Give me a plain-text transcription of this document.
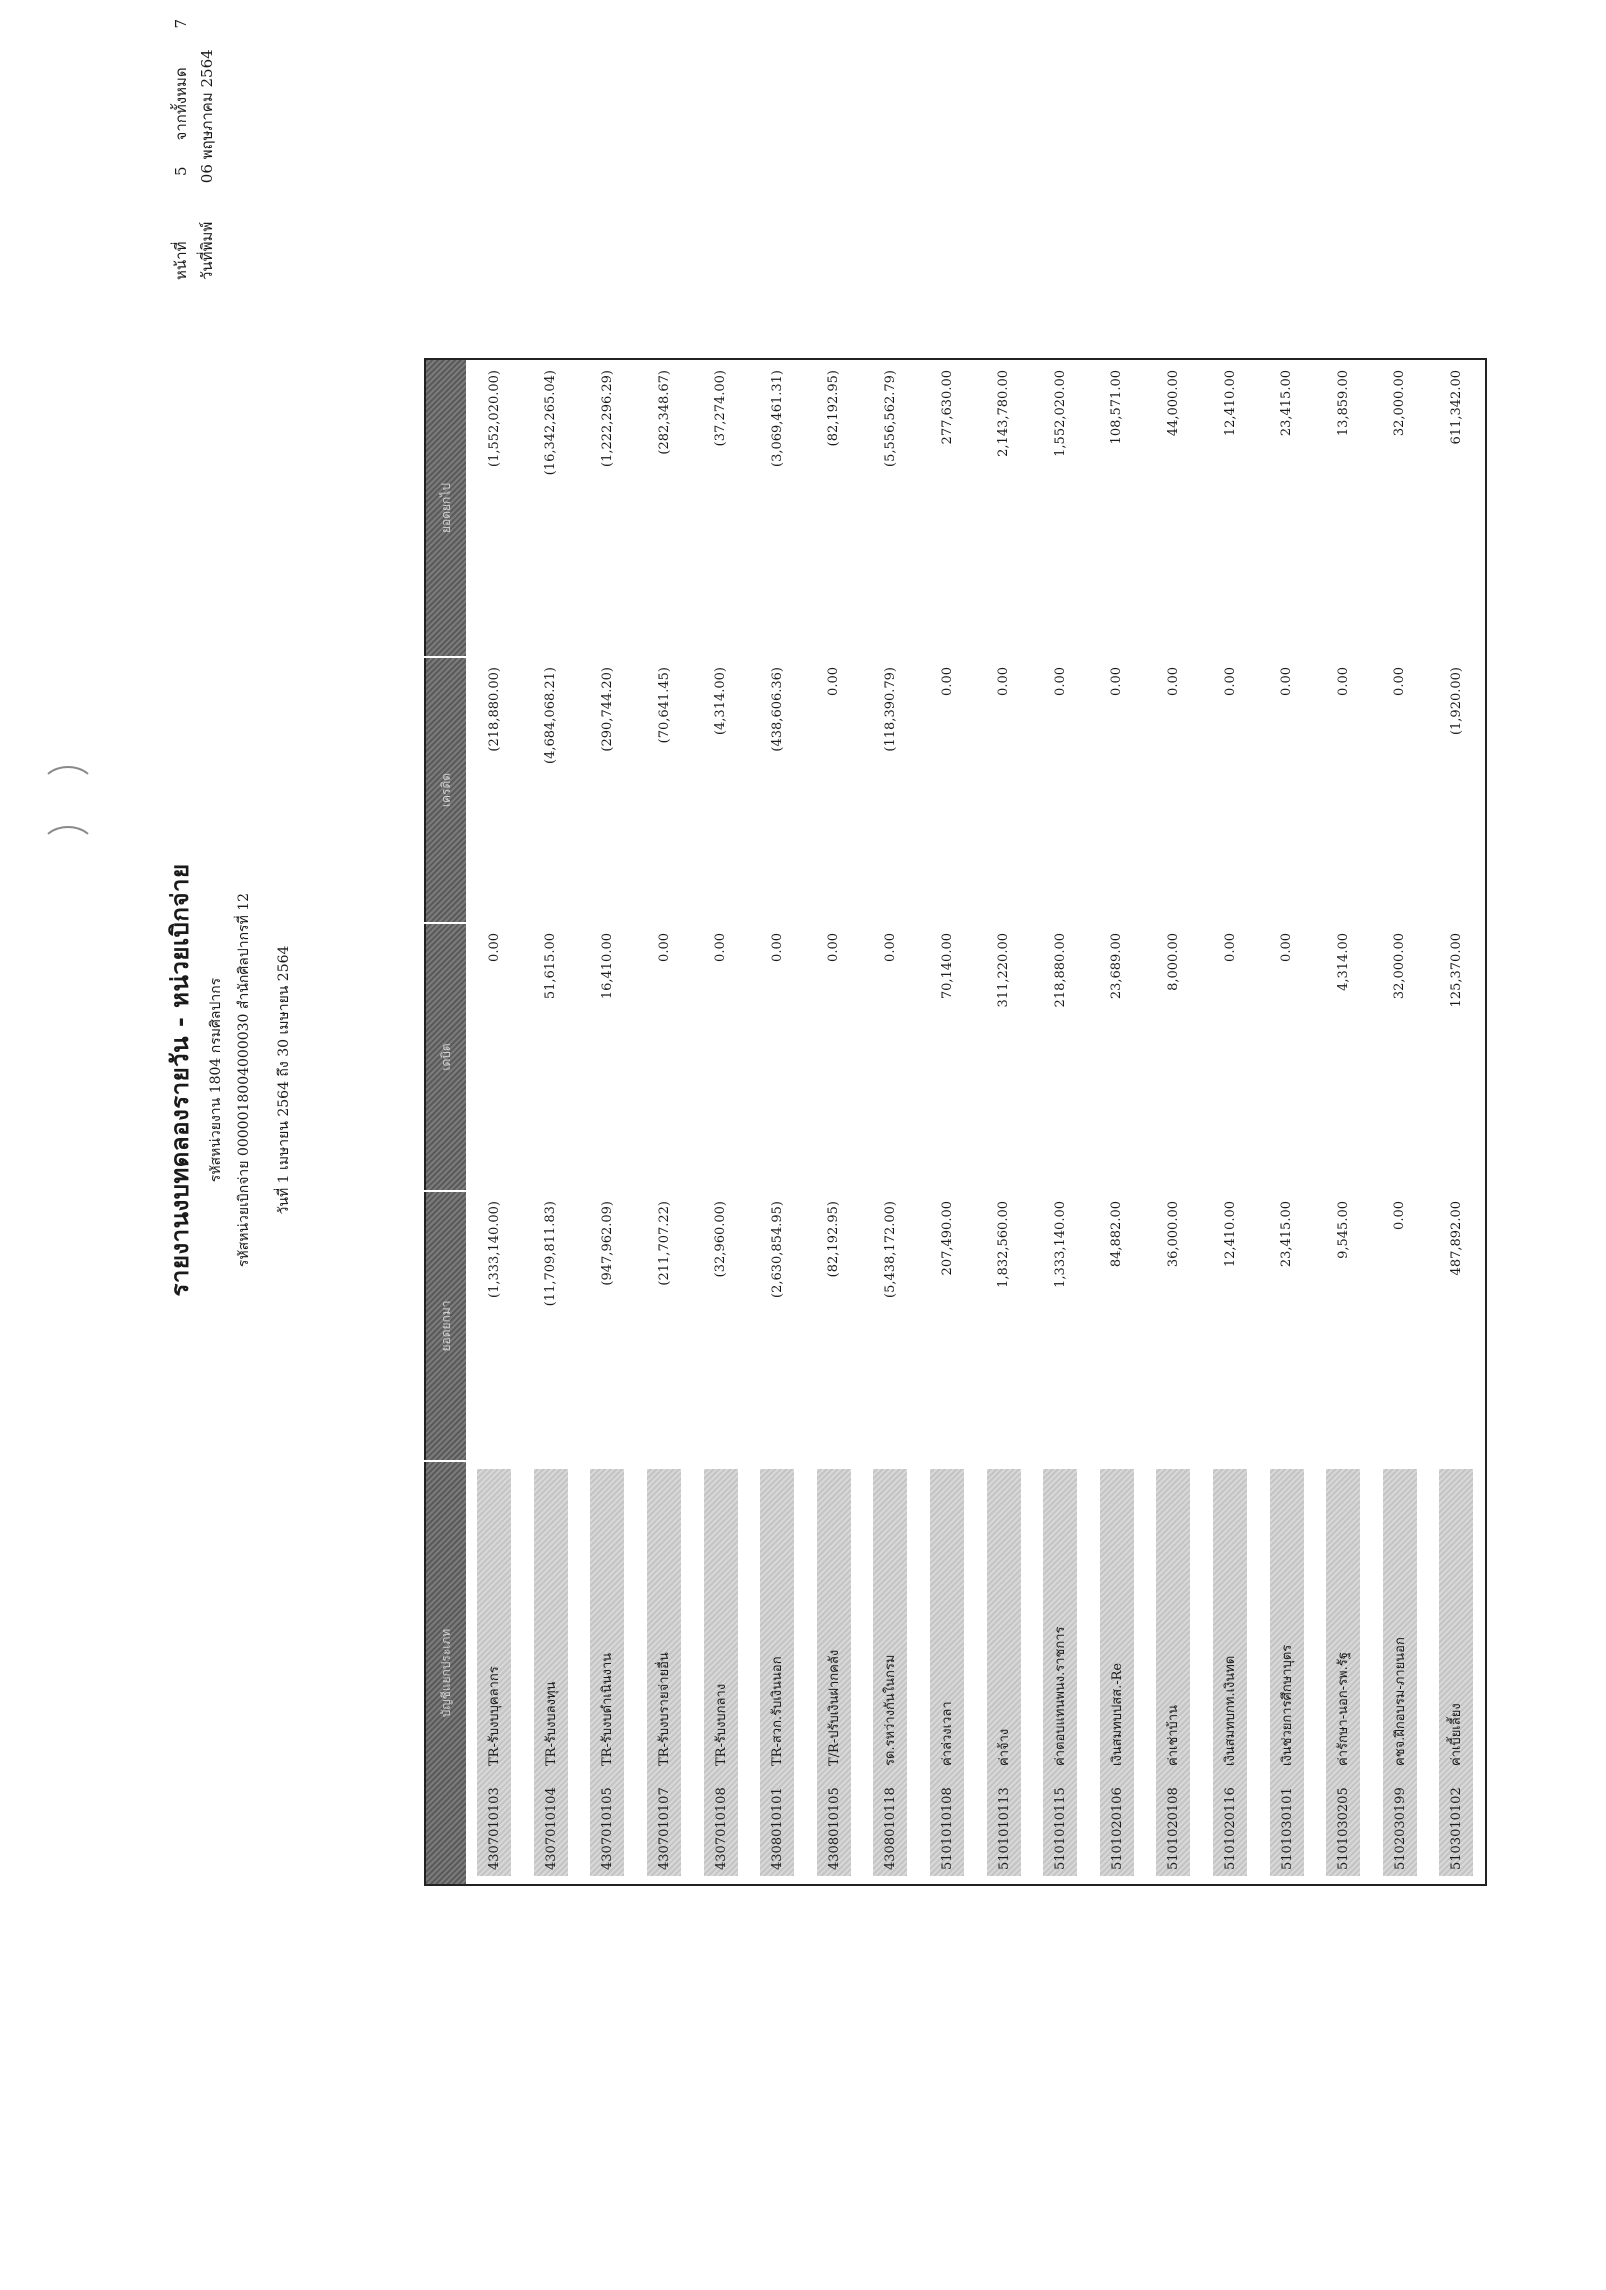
รายงานงบทดลองรายวัน - หน่วยเบิกจ่าย	รหัสหน่วยงาน 1804 กรมศิลปากร รหัสหน่วยเบิกจ่าย 0000018004000030 สำนักศิลปากรที่ 12 วันที่ 1 เมษายน 2564 ถึง 30 เมษายน 2564
หน้าที่ 5 จากทั้งหมด 7
วันที่พิมพ์ 06 พฤษภาคม 2564
บัญชีแยกประเภท	ยอดยกมา	เดบิต	เครดิต	ยอดยกไป

4307010103TR-รับงบบุคลากร	(1,333,140.00)	0.00	(218,880.00)	(1,552,020.00)

4307010104TR-รับงบลงทุน	(11,709,811.83)	51,615.00	(4,684,068.21)	(16,342,265.04)

4307010105TR-รับงบดำเนินงาน	(947,962.09)	16,410.00	(290,744.20)	(1,222,296.29)

4307010107TR-รับงบรายจ่ายอื่น	(211,707.22)	0.00	(70,641.45)	(282,348.67)

4307010108TR-รับงบกลาง	(32,960.00)	0.00	(4,314.00)	(37,274.00)

4308010101TR-สวก.รับเงินนอก	(2,630,854.95)	0.00	(438,606.36)	(3,069,461.31)

4308010105T/R-ปรับเงินฝากคลัง	(82,192.95)	0.00	0.00	(82,192.95)

4308010118รด.รหว่างกันในกรม	(5,438,172.00)	0.00	(118,390.79)	(5,556,562.79)

5101010108ค่าล่วงเวลา	207,490.00	70,140.00	0.00	277,630.00

5101010113ค่าจ้าง	1,832,560.00	311,220.00	0.00	2,143,780.00

5101010115ค่าตอบแทนพนง.ราชการ	1,333,140.00	218,880.00	0.00	1,552,020.00

5101020106เงินสมทบปสส.-Re	84,882.00	23,689.00	0.00	108,571.00

5101020108ค่าเช่าบ้าน	36,000.00	8,000.00	0.00	44,000.00

5101020116เงินสมทบกท.เงินทด	12,410.00	0.00	0.00	12,410.00

5101030101เงินช่วยการศึกษาบุตร	23,415.00	0.00	0.00	23,415.00

5101030205ค่ารักษา-นอก-รพ.รัฐ	9,545.00	4,314.00	0.00	13,859.00

5102030199คชจ.ฝึกอบรม-ภายนอก	0.00	32,000.00	0.00	32,000.00

5103010102ค่าเบี้ยเลี้ยง	487,892.00	125,370.00	(1,920.00)	611,342.00
